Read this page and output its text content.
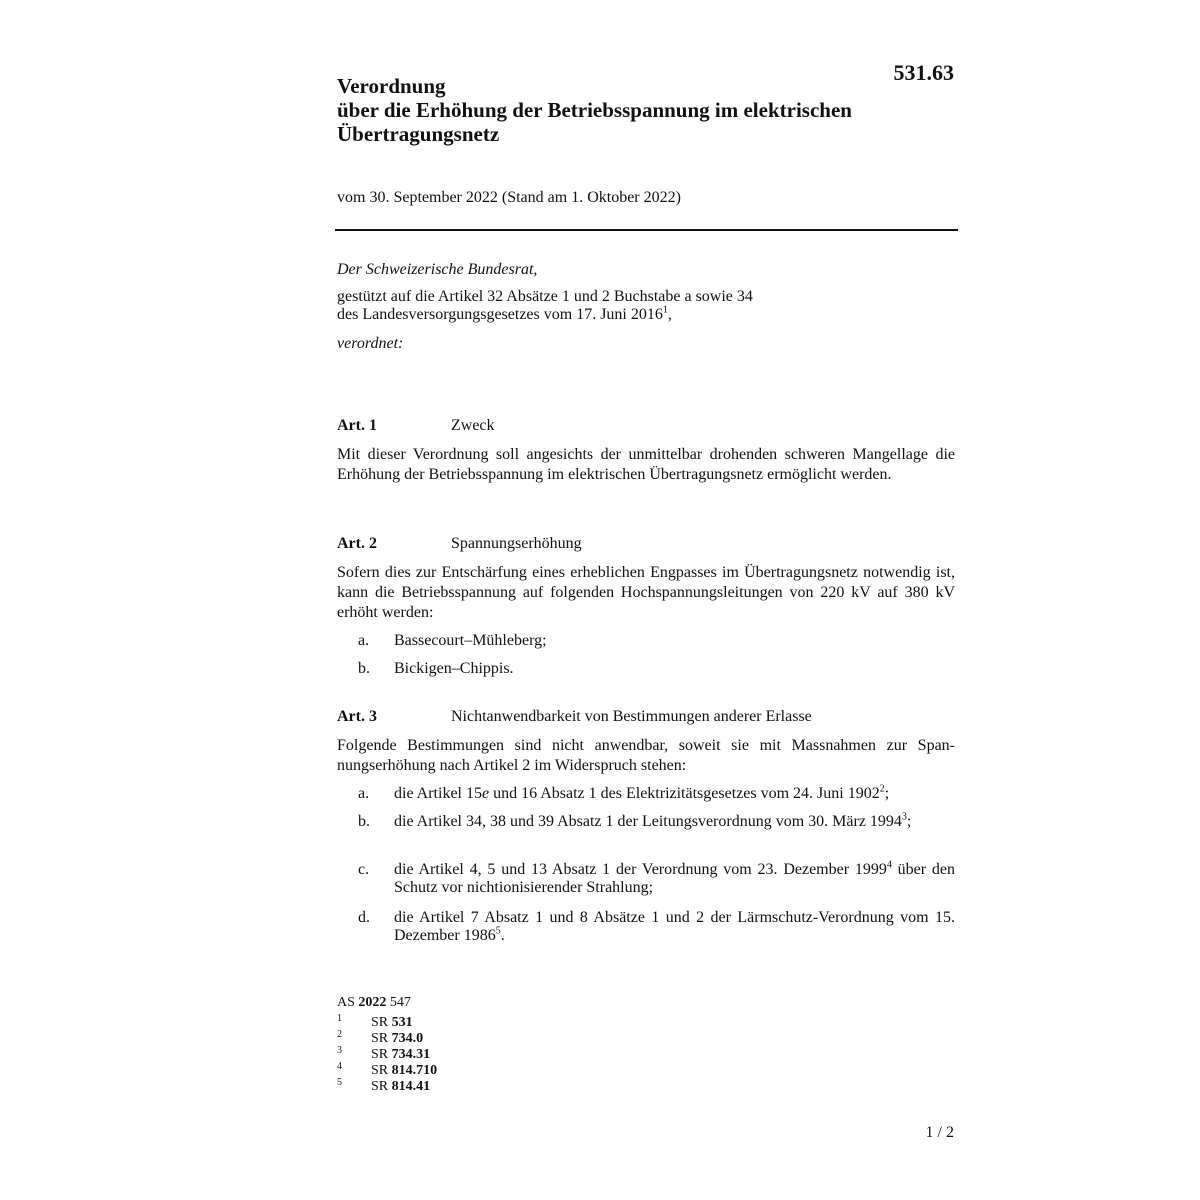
531.63
Verordnung
über die Erhöhung der Betriebsspannung im elektrischen
Übertragungsnetz
vom 30. September 2022 (Stand am 1. Oktober 2022)
Der Schweizerische Bundesrat,
gestützt auf die Artikel 32 Absätze 1 und 2 Buchstabe a sowie 34
des Landesversorgungsgesetzes vom 17. Juni 2016$^1$,
verordnet:
Art. 1	Zweck
Mit dieser Verordnung soll angesichts der unmittelbar drohenden schweren Mangellage die Erhöhung der Betriebsspannung im elektrischen Übertragungsnetz ermöglicht werden.
Art. 2	Spannungserhöhung
Sofern dies zur Entschärfung eines erheblichen Engpasses im Übertragungsnetz notwendig ist, kann die Betriebsspannung auf folgenden Hochspannungsleitungen von 220 kV auf 380 kV erhöht werden:
a. Bassecourt–Mühleberg;
b. Bickigen–Chippis.
Art. 3	Nichtanwendbarkeit von Bestimmungen anderer Erlasse
Folgende Bestimmungen sind nicht anwendbar, soweit sie mit Massnahmen zur Spannungserhöhung nach Artikel 2 im Widerspruch stehen:
a. die Artikel 15e und 16 Absatz 1 des Elektrizitätsgesetzes vom 24. Juni 1902$^2$;
b. die Artikel 34, 38 und 39 Absatz 1 der Leitungsverordnung vom 30. März 1994$^3$;
c. die Artikel 4, 5 und 13 Absatz 1 der Verordnung vom 23. Dezember 1999$^4$ über den Schutz vor nichtionisierender Strahlung;
d. die Artikel 7 Absatz 1 und 8 Absätze 1 und 2 der Lärmschutz-Verordnung vom 15. Dezember 1986$^5$.
AS 2022 547
1 SR 531
2 SR 734.0
3 SR 734.31
4 SR 814.710
5 SR 814.41
1 / 2
